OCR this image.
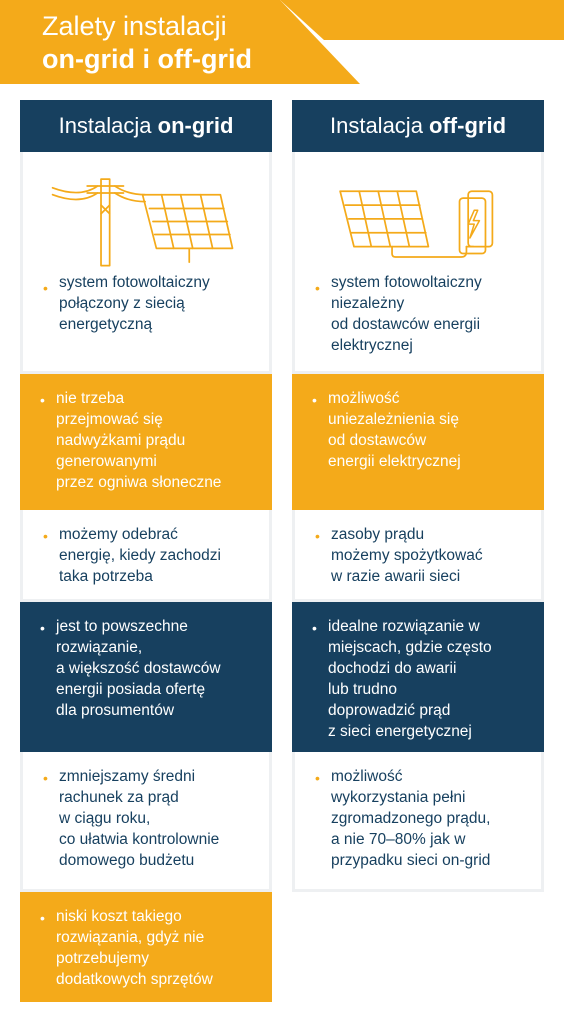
Zalety instalacji
on-grid i off-grid
Instalacja on-grid
• system fotowoltaiczny
połączony z siecią
energetyczną
• nie trzeba
przejmować się
nadwyżkami prądu
generowanymi
przez ogniwa słoneczne
• możemy odebrać
energię, kiedy zachodzi
taka potrzeba
• jest to powszechne
rozwiązanie,
a większość dostawców
energii posiada ofertę
dla prosumentów
• zmniejszamy średni
rachunek za prąd
w ciągu roku,
co ułatwia kontrolownie
domowego budżetu
• niski koszt takiego
rozwiązania, gdyż nie
potrzebujemy
dodatkowych sprzętów
Instalacja off-grid
• system fotowoltaiczny
niezależny
od dostawców energii
elektrycznej
• możliwość
uniezależnienia się
od dostawców
energii elektrycznej
• zasoby prądu
możemy spożytkować
w razie awarii sieci
• idealne rozwiązanie w
miejscach, gdzie często
dochodzi do awarii
lub trudno
doprowadzić prąd
z sieci energetycznej
• możliwość
wykorzystania pełni
zgromadzonego prądu,
a nie 70–80% jak w
przypadku sieci on-grid
